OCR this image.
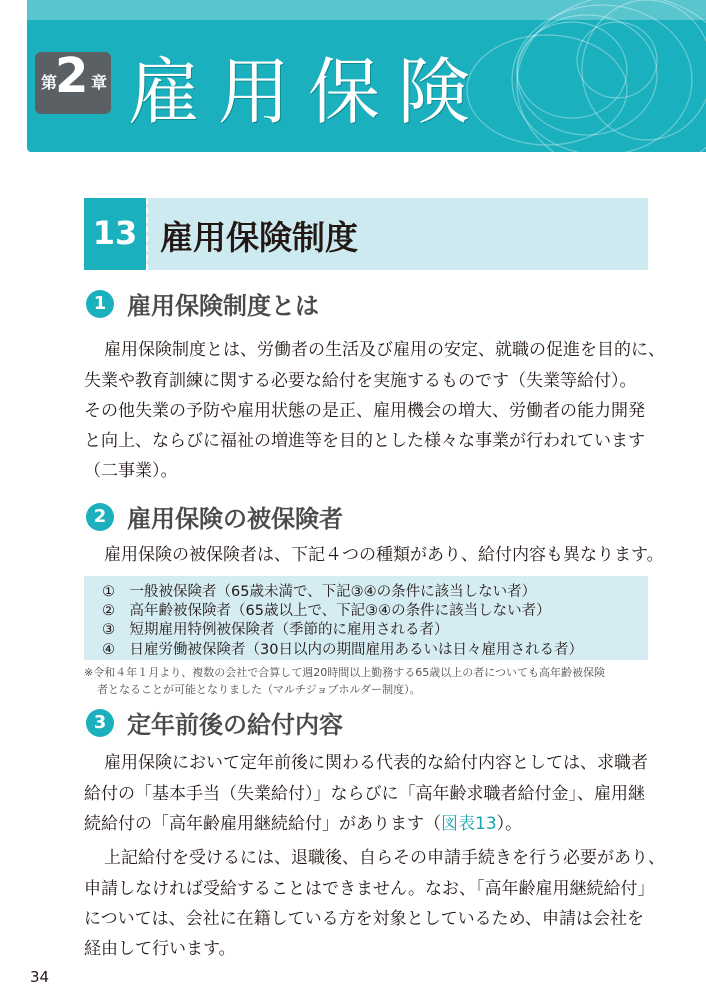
第
2 章 雇用保険
13 雇用保険制度
1 雇用保険制度とは
雇用保険制度とは、労働者の生活及び雇用の安定、就職の促進を目的に、
失業や教育訓練に関する必要な給付を実施するものです（失業等給付）。
その他失業の予防や雇用状態の是正、雇用機会の増大、労働者の能力開発
と向上、ならびに福祉の増進等を目的とした様々な事業が行われています
（二事業）。
2 雇用保険の被保険者
雇用保険の被保険者は、下記４つの種類があり、給付内容も異なります。
①　一般被保険者（65歳未満で、下記③④の条件に該当しない者）
②　高年齢被保険者（65歳以上で、下記③④の条件に該当しない者）
③　短期雇用特例被保険者（季節的に雇用される者）
④　日雇労働被保険者（30日以内の期間雇用あるいは日々雇用される者）
※令和４年１月より、複数の会社で合算して週20時間以上勤務する65歳以上の者についても高年齢被保険
者となることが可能となりました（マルチジョブホルダー制度）。
3 定年前後の給付内容
雇用保険において定年前後に関わる代表的な給付内容としては、求職者
給付の「基本手当（失業給付）」ならびに「高年齢求職者給付金」、雇用継
続給付の「高年齢雇用継続給付」があります（図表13）。
上記給付を受けるには、退職後、自らその申請手続きを行う必要があり、
申請しなければ受給することはできません。なお、「高年齢雇用継続給付」
については、会社に在籍している方を対象としているため、申請は会社を
経由して行います。
34
